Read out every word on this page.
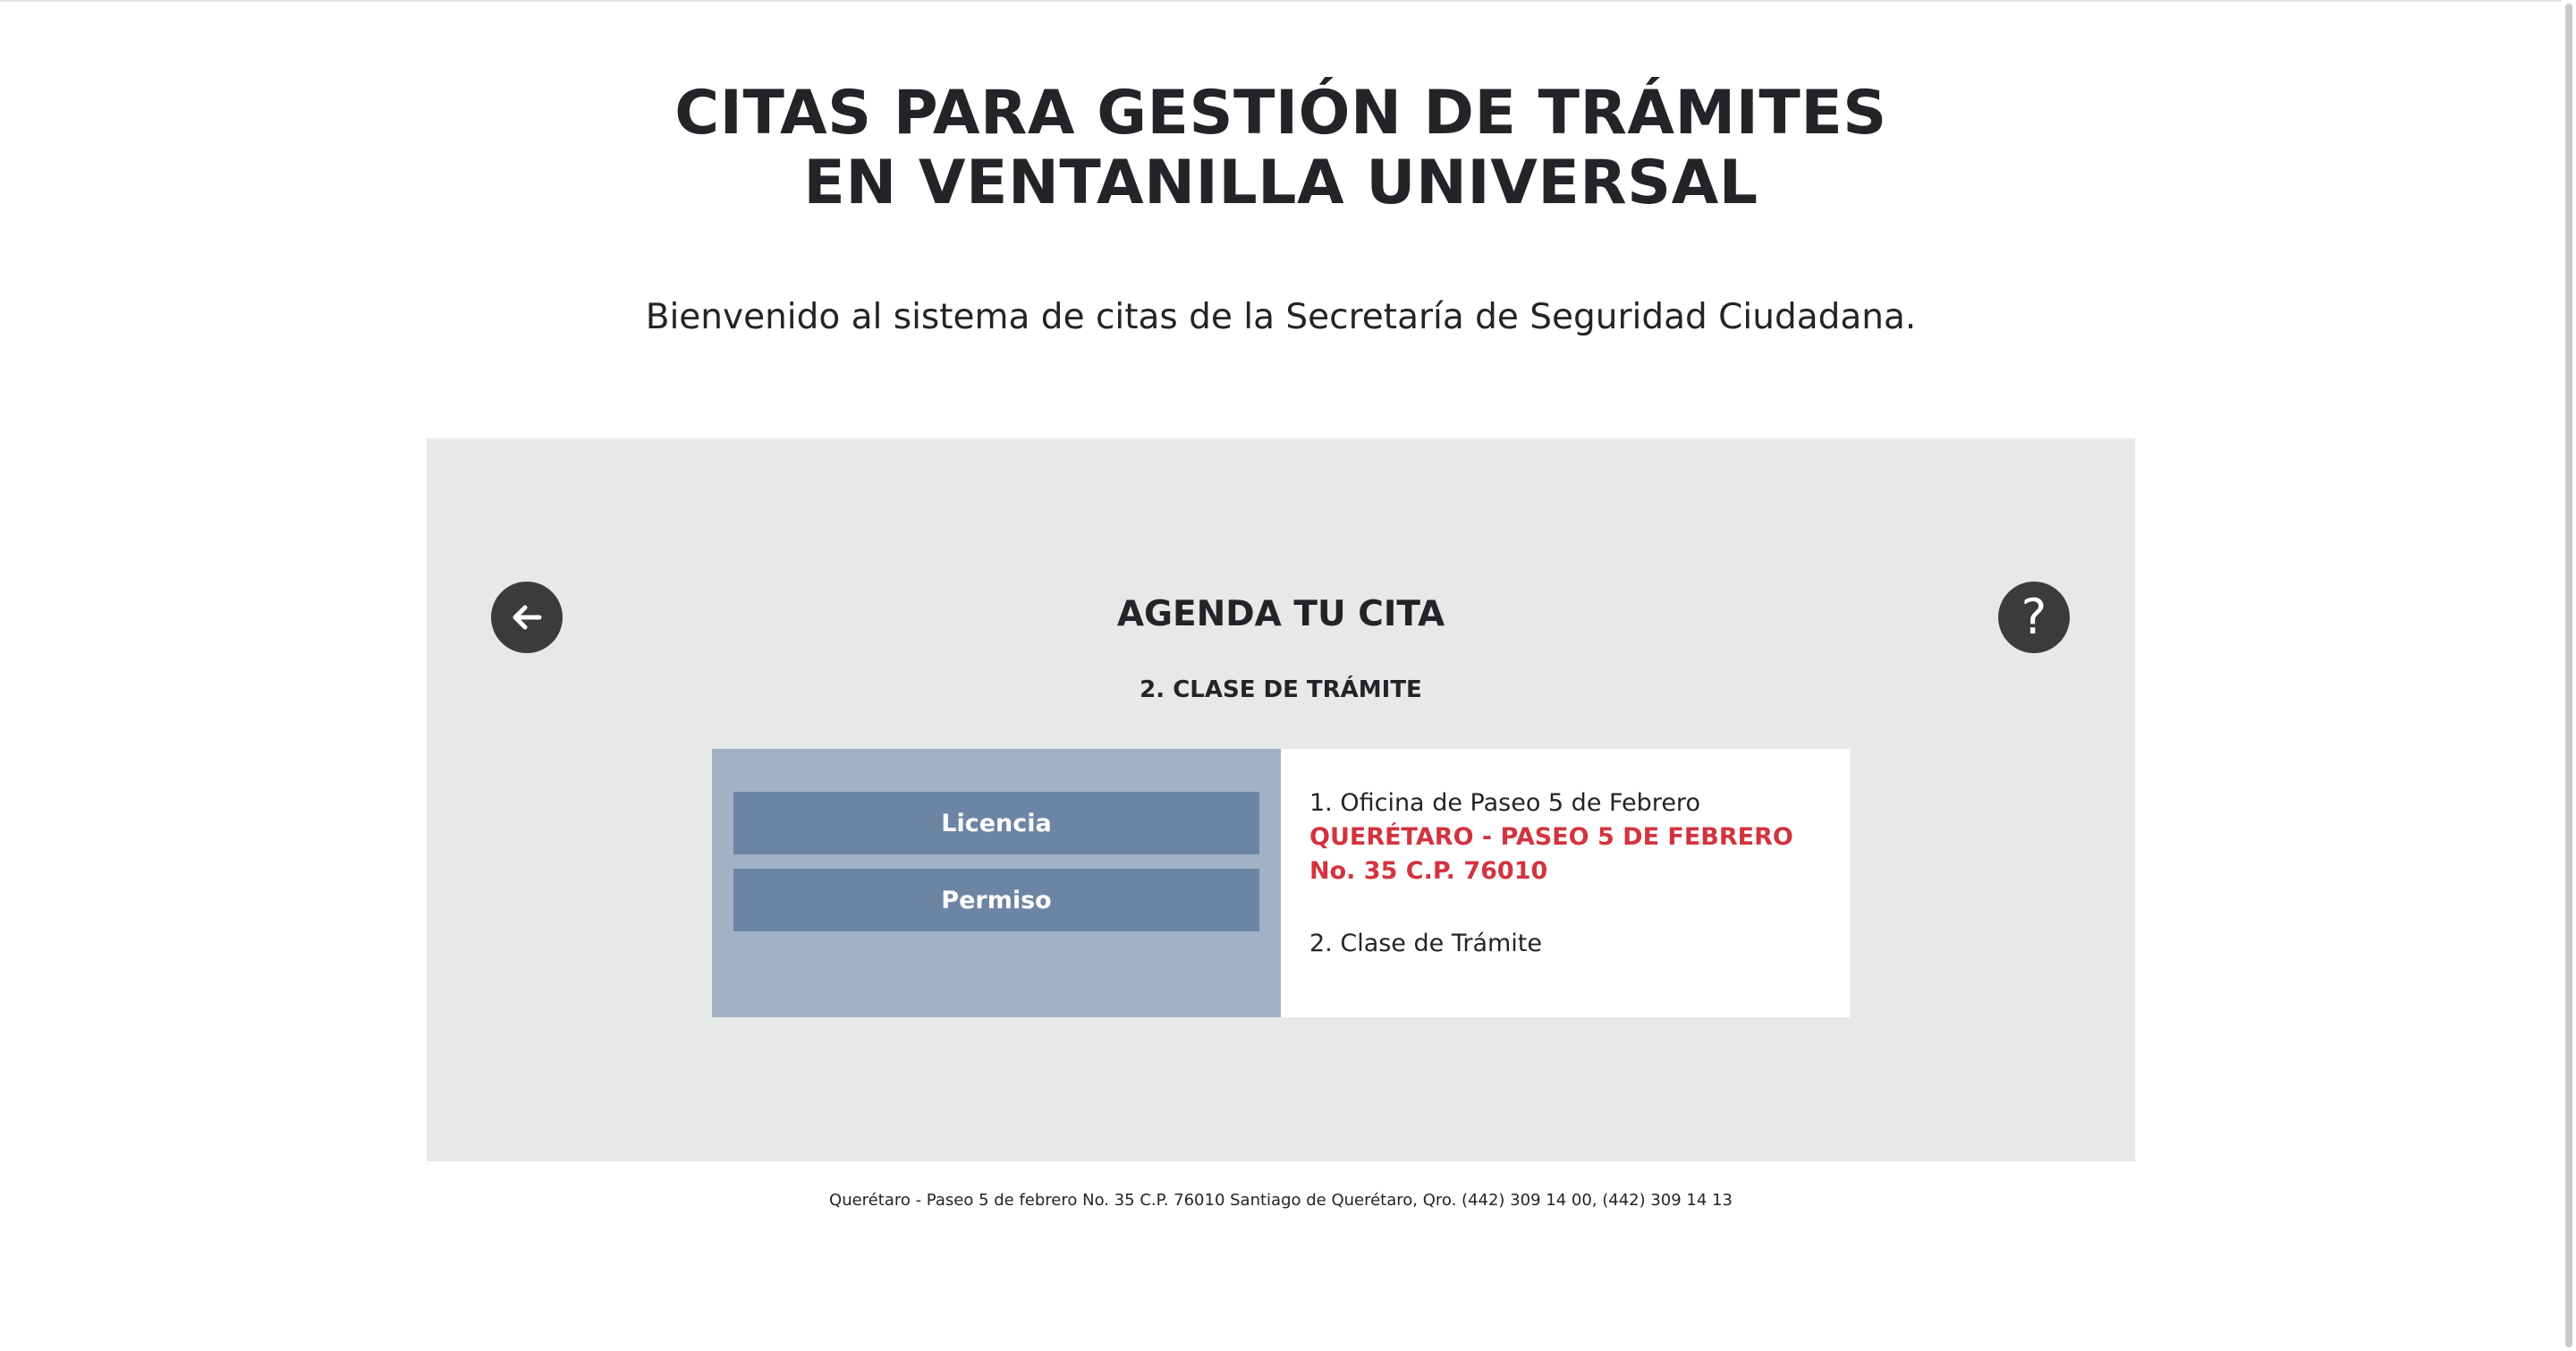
CITAS PARA GESTIÓN DE TRÁMITES
EN VENTANILLA UNIVERSAL
Bienvenido al sistema de citas de la Secretaría de Seguridad Ciudadana.
AGENDA TU CITA	?
2. CLASE DE TRÁMITE
Licencia
Permiso
1. Oficina de Paseo 5 de Febrero
QUERÉTARO - PASEO 5 DE FEBRERO No. 35 C.P. 76010
2. Clase de Trámite
Querétaro - Paseo 5 de febrero No. 35 C.P. 76010 Santiago de Querétaro, Qro. (442) 309 14 00, (442) 309 14 13
